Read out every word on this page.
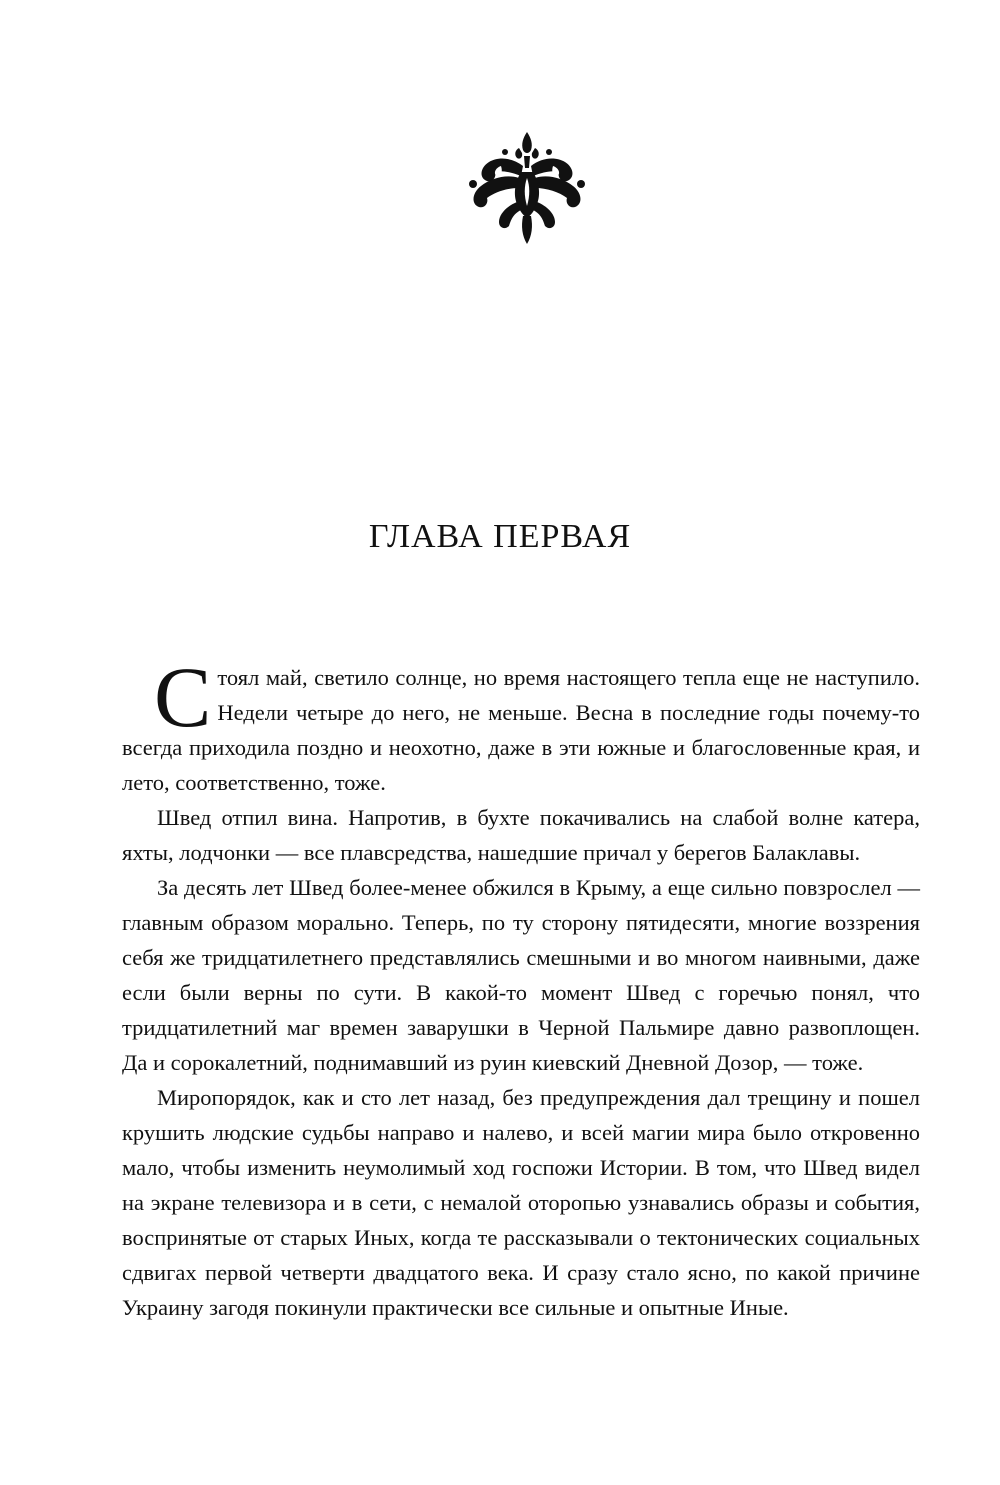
ГЛАВА ПЕРВАЯ

Стоял май, светило солнце, но время настоящего тепла еще не наступило. Недели четыре до него, не меньше. Весна в последние годы почему-то всегда приходила поздно и неохотно, даже в эти южные и благословенные края, и лето, соответственно, тоже.

Швед отпил вина. Напротив, в бухте покачивались на слабой волне катера, яхты, лодчонки — все плавсредства, нашедшие причал у берегов Балаклавы.

За десять лет Швед более-менее обжился в Крыму, а еще сильно повзрослел — главным образом морально. Теперь, по ту сторону пятидесяти, многие воззрения себя же тридцатилетнего представлялись смешными и во многом наивными, даже если были верны по сути. В какой-то момент Швед с горечью понял, что тридцатилетний маг времен заварушки в Черной Пальмире давно развоплощен. Да и сорокалетний, поднимавший из руин киевский Дневной Дозор, — тоже.

Миропорядок, как и сто лет назад, без предупреждения дал трещину и пошел крушить людские судьбы направо и налево, и всей магии мира было откровенно мало, чтобы изменить неумолимый ход госпожи Истории. В том, что Швед видел на экране телевизора и в сети, с немалой оторопью узнавались образы и события, воспринятые от старых Иных, когда те рассказывали о тектонических социальных сдвигах первой четверти двадцатого века. И сразу стало ясно, по какой причине Украину загодя покинули практически все сильные и опытные Иные.
